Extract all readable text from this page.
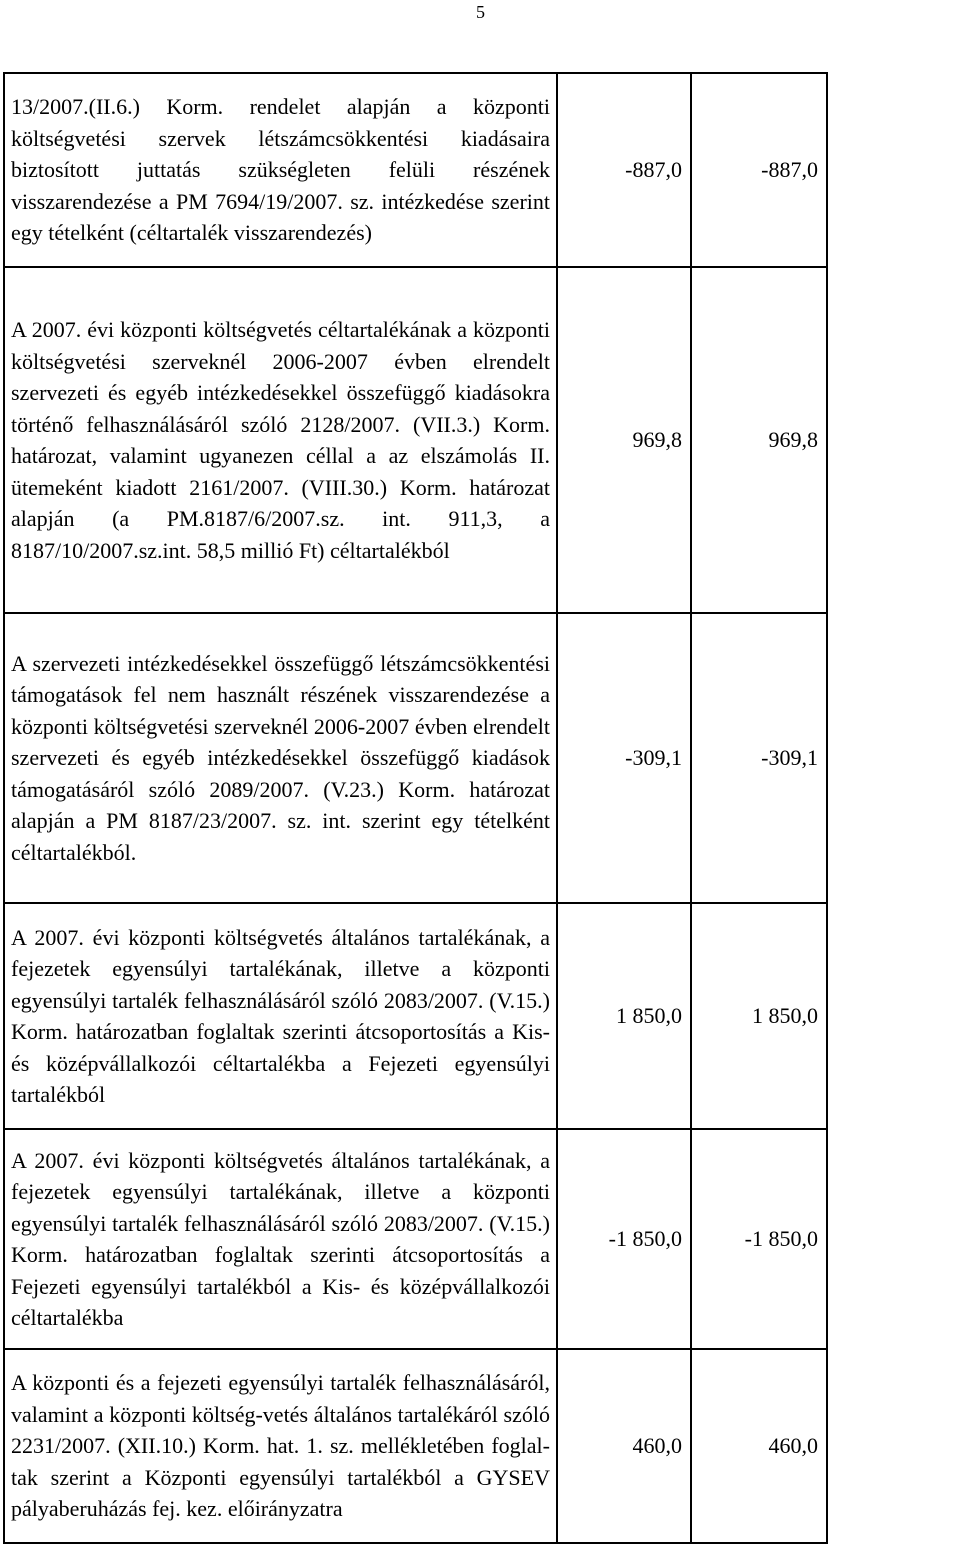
5
13/2007.(II.6.) Korm. rendelet alapján a központi költségvetési szervek létszámcsökkentési kiadásaira biztosított juttatás szükségleten felüli részének visszarendezése a PM 7694/19/2007. sz. intézkedése szerint egy tételként (céltartalék visszarendezés)	-887,0	-887,0

A 2007. évi központi költségvetés céltartalékának a központi költségvetési szerveknél 2006-2007 évben elrendelt szervezeti és egyéb intézkedésekkel összefüggő kiadásokra történő felhasználásáról szóló 2128/2007. (VII.3.) Korm. határozat, valamint ugyanezen céllal a az elszámolás II. ütemeként kiadott 2161/2007. (VIII.30.) Korm. határozat alapján (a PM.8187/6/2007.sz. int. 911,3, a 8187/10/2007.sz.int. 58,5 millió Ft) céltartalékból	969,8	969,8

A szervezeti intézkedésekkel összefüggő létszámcsökkentési támogatások fel nem használt részének visszarendezése a központi költségvetési szerveknél 2006-2007 évben elrendelt szervezeti és egyéb intézkedésekkel összefüggő kiadások támogatásáról szóló 2089/2007. (V.23.) Korm. határozat alapján a PM 8187/23/2007. sz. int. szerint egy tételként céltartalékból.	-309,1	-309,1

A 2007. évi központi költségvetés általános tartalékának, a fejezetek egyensúlyi tartalékának, illetve a központi egyensúlyi tartalék felhasználásáról szóló 2083/2007. (V.15.) Korm. határozatban foglaltak szerinti átcsoportosítás a Kis- és középvállalkozói céltartalékba a Fejezeti egyensúlyi tartalékból	1 850,0	1 850,0

A 2007. évi központi költségvetés általános tartalékának, a fejezetek egyensúlyi tartalékának, illetve a központi egyensúlyi tartalék felhasználásáról szóló 2083/2007. (V.15.) Korm. határozatban foglaltak szerinti átcsoportosítás a Fejezeti egyensúlyi tartalékból a Kis- és középvállalkozói céltartalékba	-1 850,0	-1 850,0

A központi és a fejezeti egyensúlyi tartalék felhasználásáról, valamint a központi költség-vetés általános tartalékáról szóló 2231/2007. (XII.10.) Korm. hat. 1. sz. mellékletében foglal-tak szerint a Központi egyensúlyi tartalékból a GYSEV pályaberuházás fej. kez. előirányzatra	460,0	460,0
